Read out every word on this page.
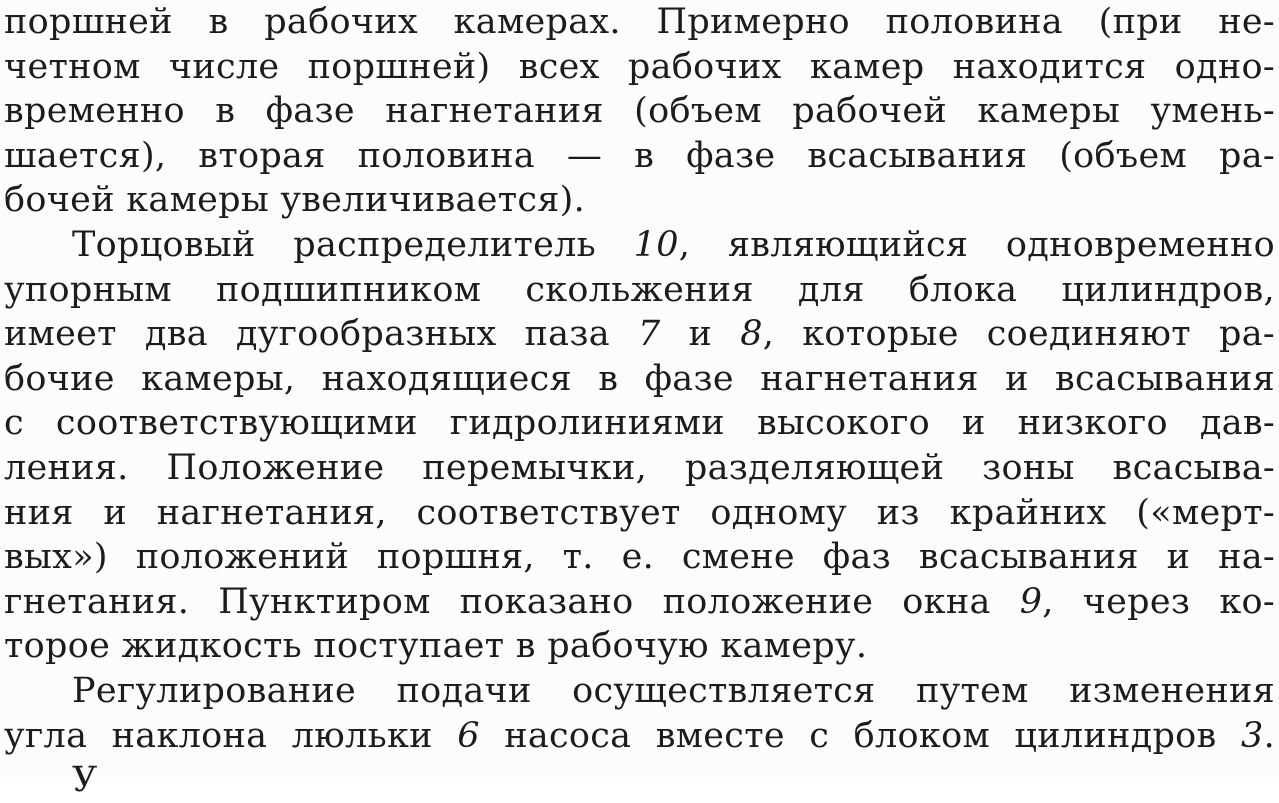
поршней в рабочих камерах. Примерно половина (при не-
четном числе поршней) всех рабочих камер находится одно-
временно в фазе нагнетания (объем рабочей камеры умень-
шается), вторая половина — в фазе всасывания (объем ра-
бочей камеры увеличивается).
Торцовый распределитель 10, являющийся одновременно
упорным подшипником скольжения для блока цилиндров,
имеет два дугообразных паза 7 и 8, которые соединяют ра-
бочие камеры, находящиеся в фазе нагнетания и всасывания
с соответствующими гидролиниями высокого и низкого дав-
ления. Положение перемычки, разделяющей зоны всасыва-
ния и нагнетания, соответствует одному из крайних («мерт-
вых») положений поршня, т. е. смене фаз всасывания и на-
гнетания. Пунктиром показано положение окна 9, через ко-
торое жидкость поступает в рабочую камеру.
Регулирование подачи осуществляется путем изменения
угла наклона люльки 6 насоса вместе с блоком цилиндров 3.
У
